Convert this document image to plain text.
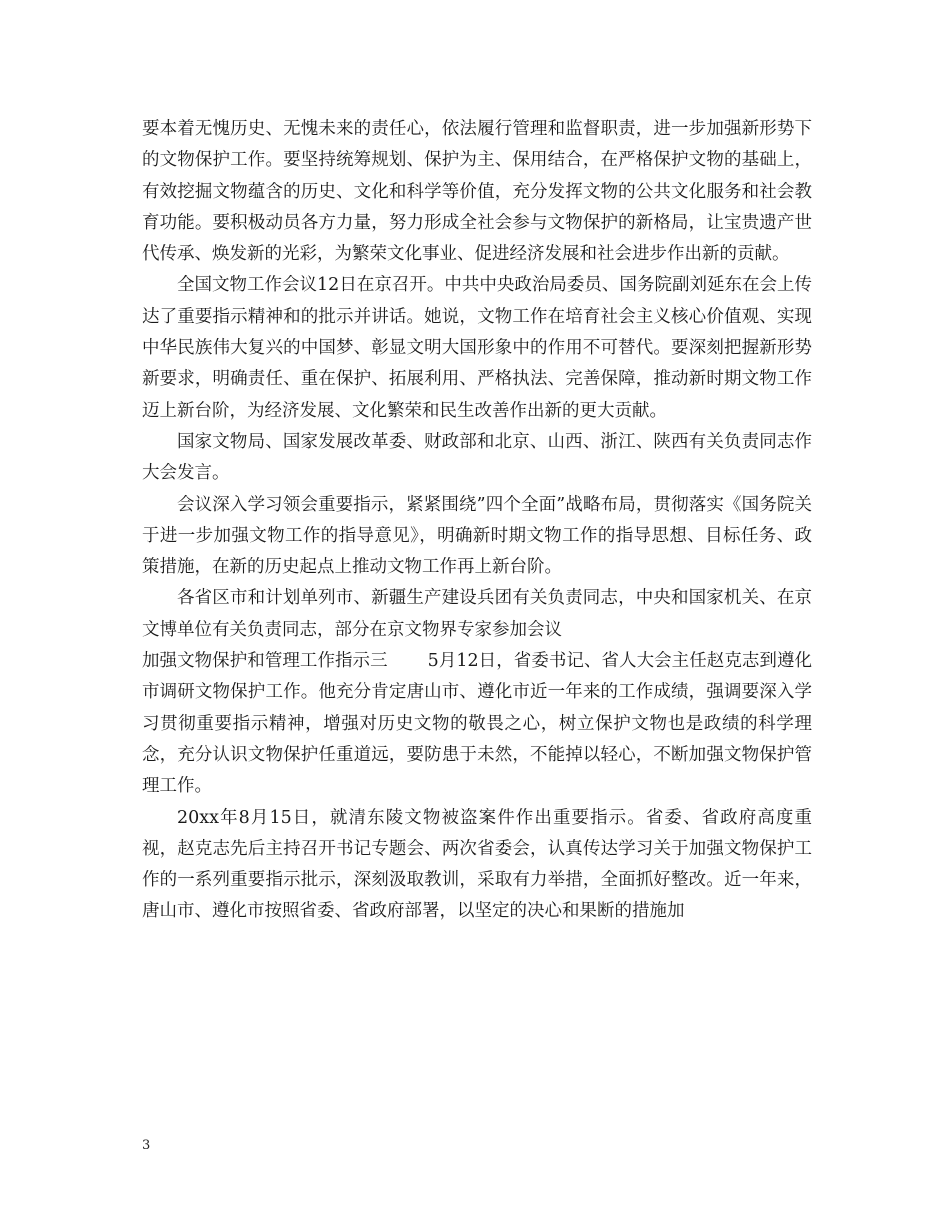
要本着无愧历史、无愧未来的责任心，依法履行管理和监督职责，进一步加强新形势下的文物保护工作。要坚持统筹规划、保护为主、保用结合，在严格保护文物的基础上，有效挖掘文物蕴含的历史、文化和科学等价值，充分发挥文物的公共文化服务和社会教育功能。要积极动员各方力量，努力形成全社会参与文物保护的新格局，让宝贵遗产世代传承、焕发新的光彩，为繁荣文化事业、促进经济发展和社会进步作出新的贡献。

全国文物工作会议12日在京召开。中共中央政治局委员、国务院副刘延东在会上传达了重要指示精神和的批示并讲话。她说，文物工作在培育社会主义核心价值观、实现中华民族伟大复兴的中国梦、彰显文明大国形象中的作用不可替代。要深刻把握新形势新要求，明确责任、重在保护、拓展利用、严格执法、完善保障，推动新时期文物工作迈上新台阶，为经济发展、文化繁荣和民生改善作出新的更大贡献。

国家文物局、国家发展改革委、财政部和北京、山西、浙江、陕西有关负责同志作大会发言。

会议深入学习领会重要指示，紧紧围绕”四个全面”战略布局，贯彻落实《国务院关于进一步加强文物工作的指导意见》，明确新时期文物工作的指导思想、目标任务、政策措施，在新的历史起点上推动文物工作再上新台阶。

各省区市和计划单列市、新疆生产建设兵团有关负责同志，中央和国家机关、在京文博单位有关负责同志，部分在京文物界专家参加会议

加强文物保护和管理工作指示三 5月12日，省委书记、省人大会主任赵克志到遵化市调研文物保护工作。他充分肯定唐山市、遵化市近一年来的工作成绩，强调要深入学习贯彻重要指示精神，增强对历史文物的敬畏之心，树立保护文物也是政绩的科学理念，充分认识文物保护任重道远，要防患于未然，不能掉以轻心，不断加强文物保护管理工作。

20xx年8月15日，就清东陵文物被盗案件作出重要指示。省委、省政府高度重视，赵克志先后主持召开书记专题会、两次省委会，认真传达学习关于加强文物保护工作的一系列重要指示批示，深刻汲取教训，采取有力举措，全面抓好整改。近一年来，唐山市、遵化市按照省委、省政府部署，以坚定的决心和果断的措施加

3
